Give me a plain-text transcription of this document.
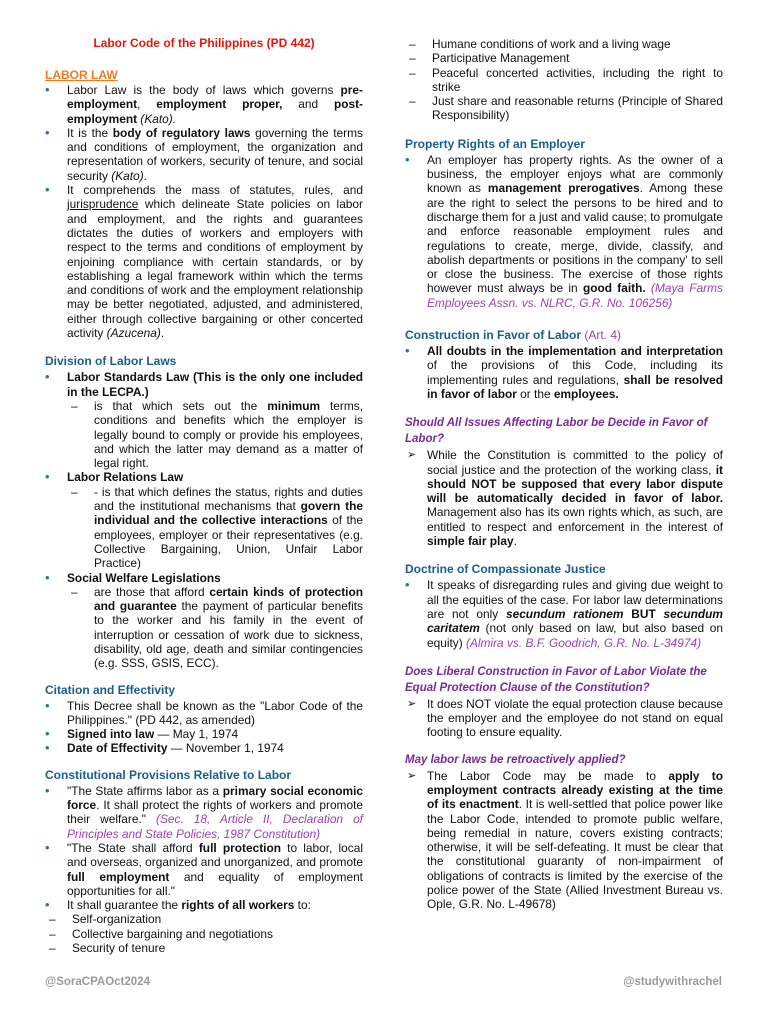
Labor Code of the Philippines (PD 442)
LABOR LAW
• Labor Law is the body of laws which governs pre-employment, employment proper, and post-employment (Kato).
• It is the body of regulatory laws governing the terms and conditions of employment, the organization and representation of workers, security of tenure, and social security (Kato).
• It comprehends the mass of statutes, rules, and jurisprudence which delineate State policies on labor and employment, and the rights and guarantees dictates the duties of workers and employers with respect to the terms and conditions of employment by enjoining compliance with certain standards, or by establishing a legal framework within which the terms and conditions of work and the employment relationship may be better negotiated, adjusted, and administered, either through collective bargaining or other concerted activity (Azucena).
Division of Labor Laws
• Labor Standards Law (This is the only one included in the LECPA.)
– is that which sets out the minimum terms, conditions and benefits which the employer is legally bound to comply or provide his employees, and which the latter may demand as a matter of legal right.
• Labor Relations Law
– - is that which defines the status, rights and duties and the institutional mechanisms that govern the individual and the collective interactions of the employees, employer or their representatives (e.g. Collective Bargaining, Union, Unfair Labor Practice)
• Social Welfare Legislations
– are those that afford certain kinds of protection and guarantee the payment of particular benefits to the worker and his family in the event of interruption or cessation of work due to sickness, disability, old age, death and similar contingencies (e.g. SSS, GSIS, ECC).
Citation and Effectivity
• This Decree shall be known as the "Labor Code of the Philippines." (PD 442, as amended)
• Signed into law — May 1, 1974
• Date of Effectivity — November 1, 1974
Constitutional Provisions Relative to Labor
• "The State affirms labor as a primary social economic force. It shall protect the rights of workers and promote their welfare." (Sec. 18, Article II, Declaration of Principles and State Policies, 1987 Constitution)
• "The State shall afford full protection to labor, local and overseas, organized and unorganized, and promote full employment and equality of employment opportunities for all."
• It shall guarantee the rights of all workers to:
– Self-organization
– Collective bargaining and negotiations
– Security of tenure
– Humane conditions of work and a living wage
– Participative Management
– Peaceful concerted activities, including the right to strike
– Just share and reasonable returns (Principle of Shared Responsibility)
Property Rights of an Employer
• An employer has property rights. As the owner of a business, the employer enjoys what are commonly known as management prerogatives. Among these are the right to select the persons to be hired and to discharge them for a just and valid cause; to promulgate and enforce reasonable employment rules and regulations to create, merge, divide, classify, and abolish departments or positions in the company' to sell or close the business. The exercise of those rights however must always be in good faith. (Maya Farms Employees Assn. vs. NLRC, G.R. No. 106256)
Construction in Favor of Labor (Art. 4)
• All doubts in the implementation and interpretation of the provisions of this Code, including its implementing rules and regulations, shall be resolved in favor of labor or the employees.
Should All Issues Affecting Labor be Decide in Favor of Labor?
➢ While the Constitution is committed to the policy of social justice and the protection of the working class, it should NOT be supposed that every labor dispute will be automatically decided in favor of labor. Management also has its own rights which, as such, are entitled to respect and enforcement in the interest of simple fair play.
Doctrine of Compassionate Justice
• It speaks of disregarding rules and giving due weight to all the equities of the case. For labor law determinations are not only secundum rationem BUT secundum caritatem (not only based on law, but also based on equity) (Almira vs. B.F. Goodrich, G.R. No. L-34974)
Does Liberal Construction in Favor of Labor Violate the Equal Protection Clause of the Constitution?
➢ It does NOT violate the equal protection clause because the employer and the employee do not stand on equal footing to ensure equality.
May labor laws be retroactively applied?
➢ The Labor Code may be made to apply to employment contracts already existing at the time of its enactment. It is well-settled that police power like the Labor Code, intended to promote public welfare, being remedial in nature, covers existing contracts; otherwise, it will be self-defeating. It must be clear that the constitutional guaranty of non-impairment of obligations of contracts is limited by the exercise of the police power of the State (Allied Investment Bureau vs. Ople, G.R. No. L-49678)
@SoraCPAOct2024	@studywithrachel
